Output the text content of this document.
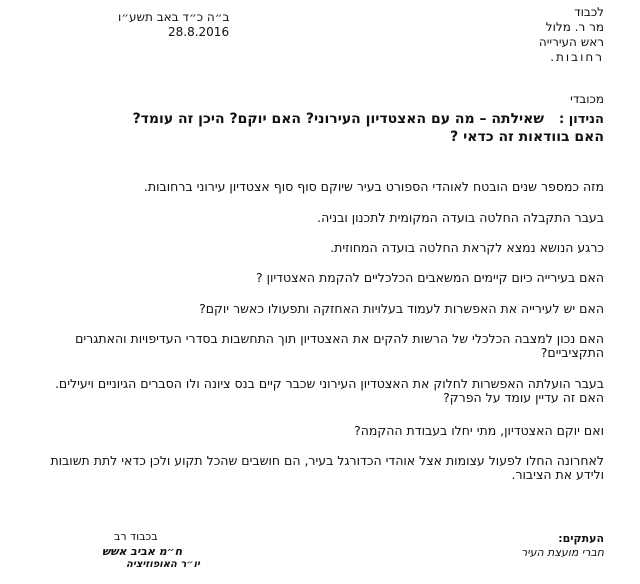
לכבוד
מר ר. מלול
ראש העירייה
רחובות.
ב״ה כ״ד באב תשע״ו
28.8.2016
מכובדי
הנידון :
שאילתה – מה עם האצטדיון העירוני? האם יוקם? היכן זה עומד?
האם בוודאות זה כדאי ?
מזה כמספר שנים הובטח לאוהדי הספורט בעיר שיוקם סוף סוף אצטדיון עירוני ברחובות.
בעבר התקבלה החלטה בועדה המקומית לתכנון ובניה.
כרגע הנושא נמצא לקראת החלטה בועדה המחוזית.
האם בעירייה כיום קיימים המשאבים הכלכליים להקמת האצטדיון ?
האם יש לעירייה את האפשרות לעמוד בעלויות האחזקה ותפעולו כאשר יוקם?
האם נכון למצבה הכלכלי של הרשות להקים את האצטדיון תוך התחשבות בסדרי העדיפויות והאתגרים התקציביים?
בעבר הועלתה האפשרות לחלוק את האצטדיון העירוני שכבר קיים בנס ציונה ולו הסברים הגיוניים ויעילים. האם זה עדיין עומד על הפרק?
ואם יוקם האצטדיון, מתי יחלו בעבודת ההקמה?
לאחרונה החלו לפעול עצומות אצל אוהדי הכדורגל בעיר, הם חושבים שהכל תקוע ולכן כדאי לתת תשובות ולידע את הציבור.
העתקים:
חברי מועצת העיר
בכבוד רב
ח״מ אביב אשש
יו״ר האופוזיציה
